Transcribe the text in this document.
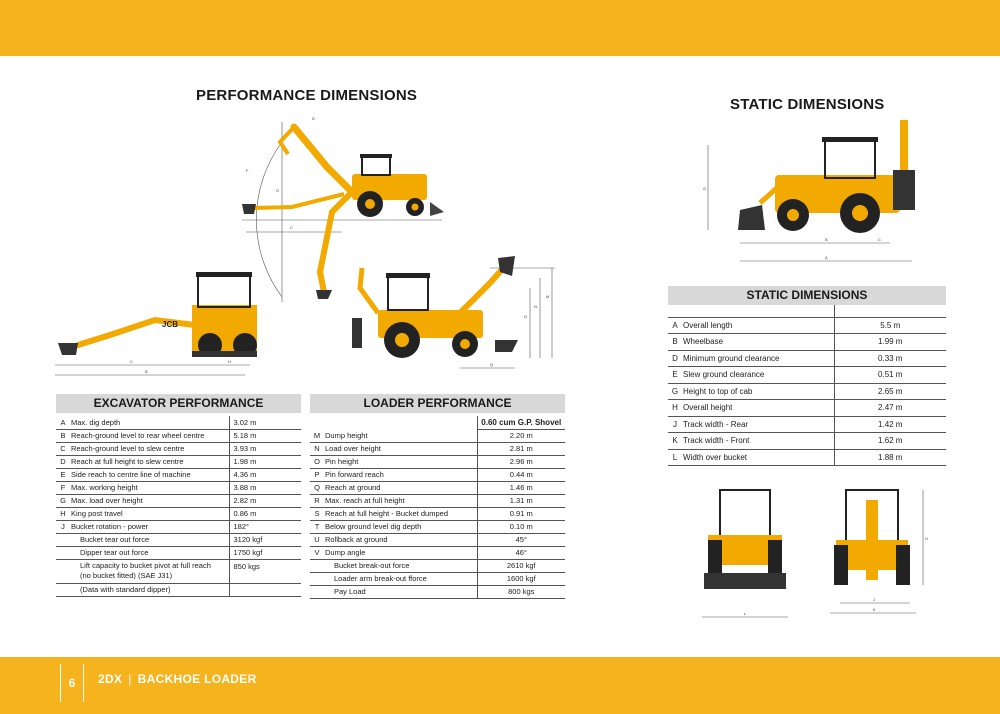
PERFORMANCE DIMENSIONS
STATIC DIMENSIONS
D
F
G
C
C	H
B
JCB
M
N
O
Q
G
B	C
A
L
H
J
K
EXCAVATOR PERFORMANCE
A	Max. dig depth	3.02 m
B	Reach-ground level to rear wheel centre	5.18 m
C	Reach-ground level to slew centre	3.93 m
D	Reach at full height to slew centre	1.98 m
E	Side reach to centre line of machine	4.36 m
F	Max. working height	3.88 m
G	Max. load over height	2.82 m
H	King post travel	0.86 m
J	Bucket rotation - power	182°
	Bucket tear out force	3120 kgf
	Dipper tear out force	1750 kgf
	Lift capacity to bucket pivot at full reach
(no bucket fitted) (SAE J31)	850 kgs
	(Data with standard dipper)	
LOADER PERFORMANCE
		0.60 cum G.P. Shovel
M	Dump height	2.20 m
N	Load over height	2.81 m
O	Pin height	2.96 m
P	Pin forward reach	0.44 m
Q	Reach at ground	1.46 m
R	Max. reach at full height	1.31 m
S	Reach at full height - Bucket dumped	0.91 m
T	Below ground level dig depth	0.10 m
U	Rollback at ground	45°
V	Dump angle	46°
	Bucket break-out force	2610 kgf
	Loader arm break-out fforce	1600 kgf
	Pay Load	800 kgs
STATIC DIMENSIONS

A	Overall length	5.5 m
B	Wheelbase	1.99 m
D	Minimum ground clearance	0.33 m
E	Slew ground clearance	0.51 m
G	Height to top of cab	2.65 m
H	Overall height	2.47 m
J	Track width - Rear	1.42 m
K	Track width - Front	1.62 m
L	Width over bucket	1.88 m
6	2DX | BACKHOE LOADER
